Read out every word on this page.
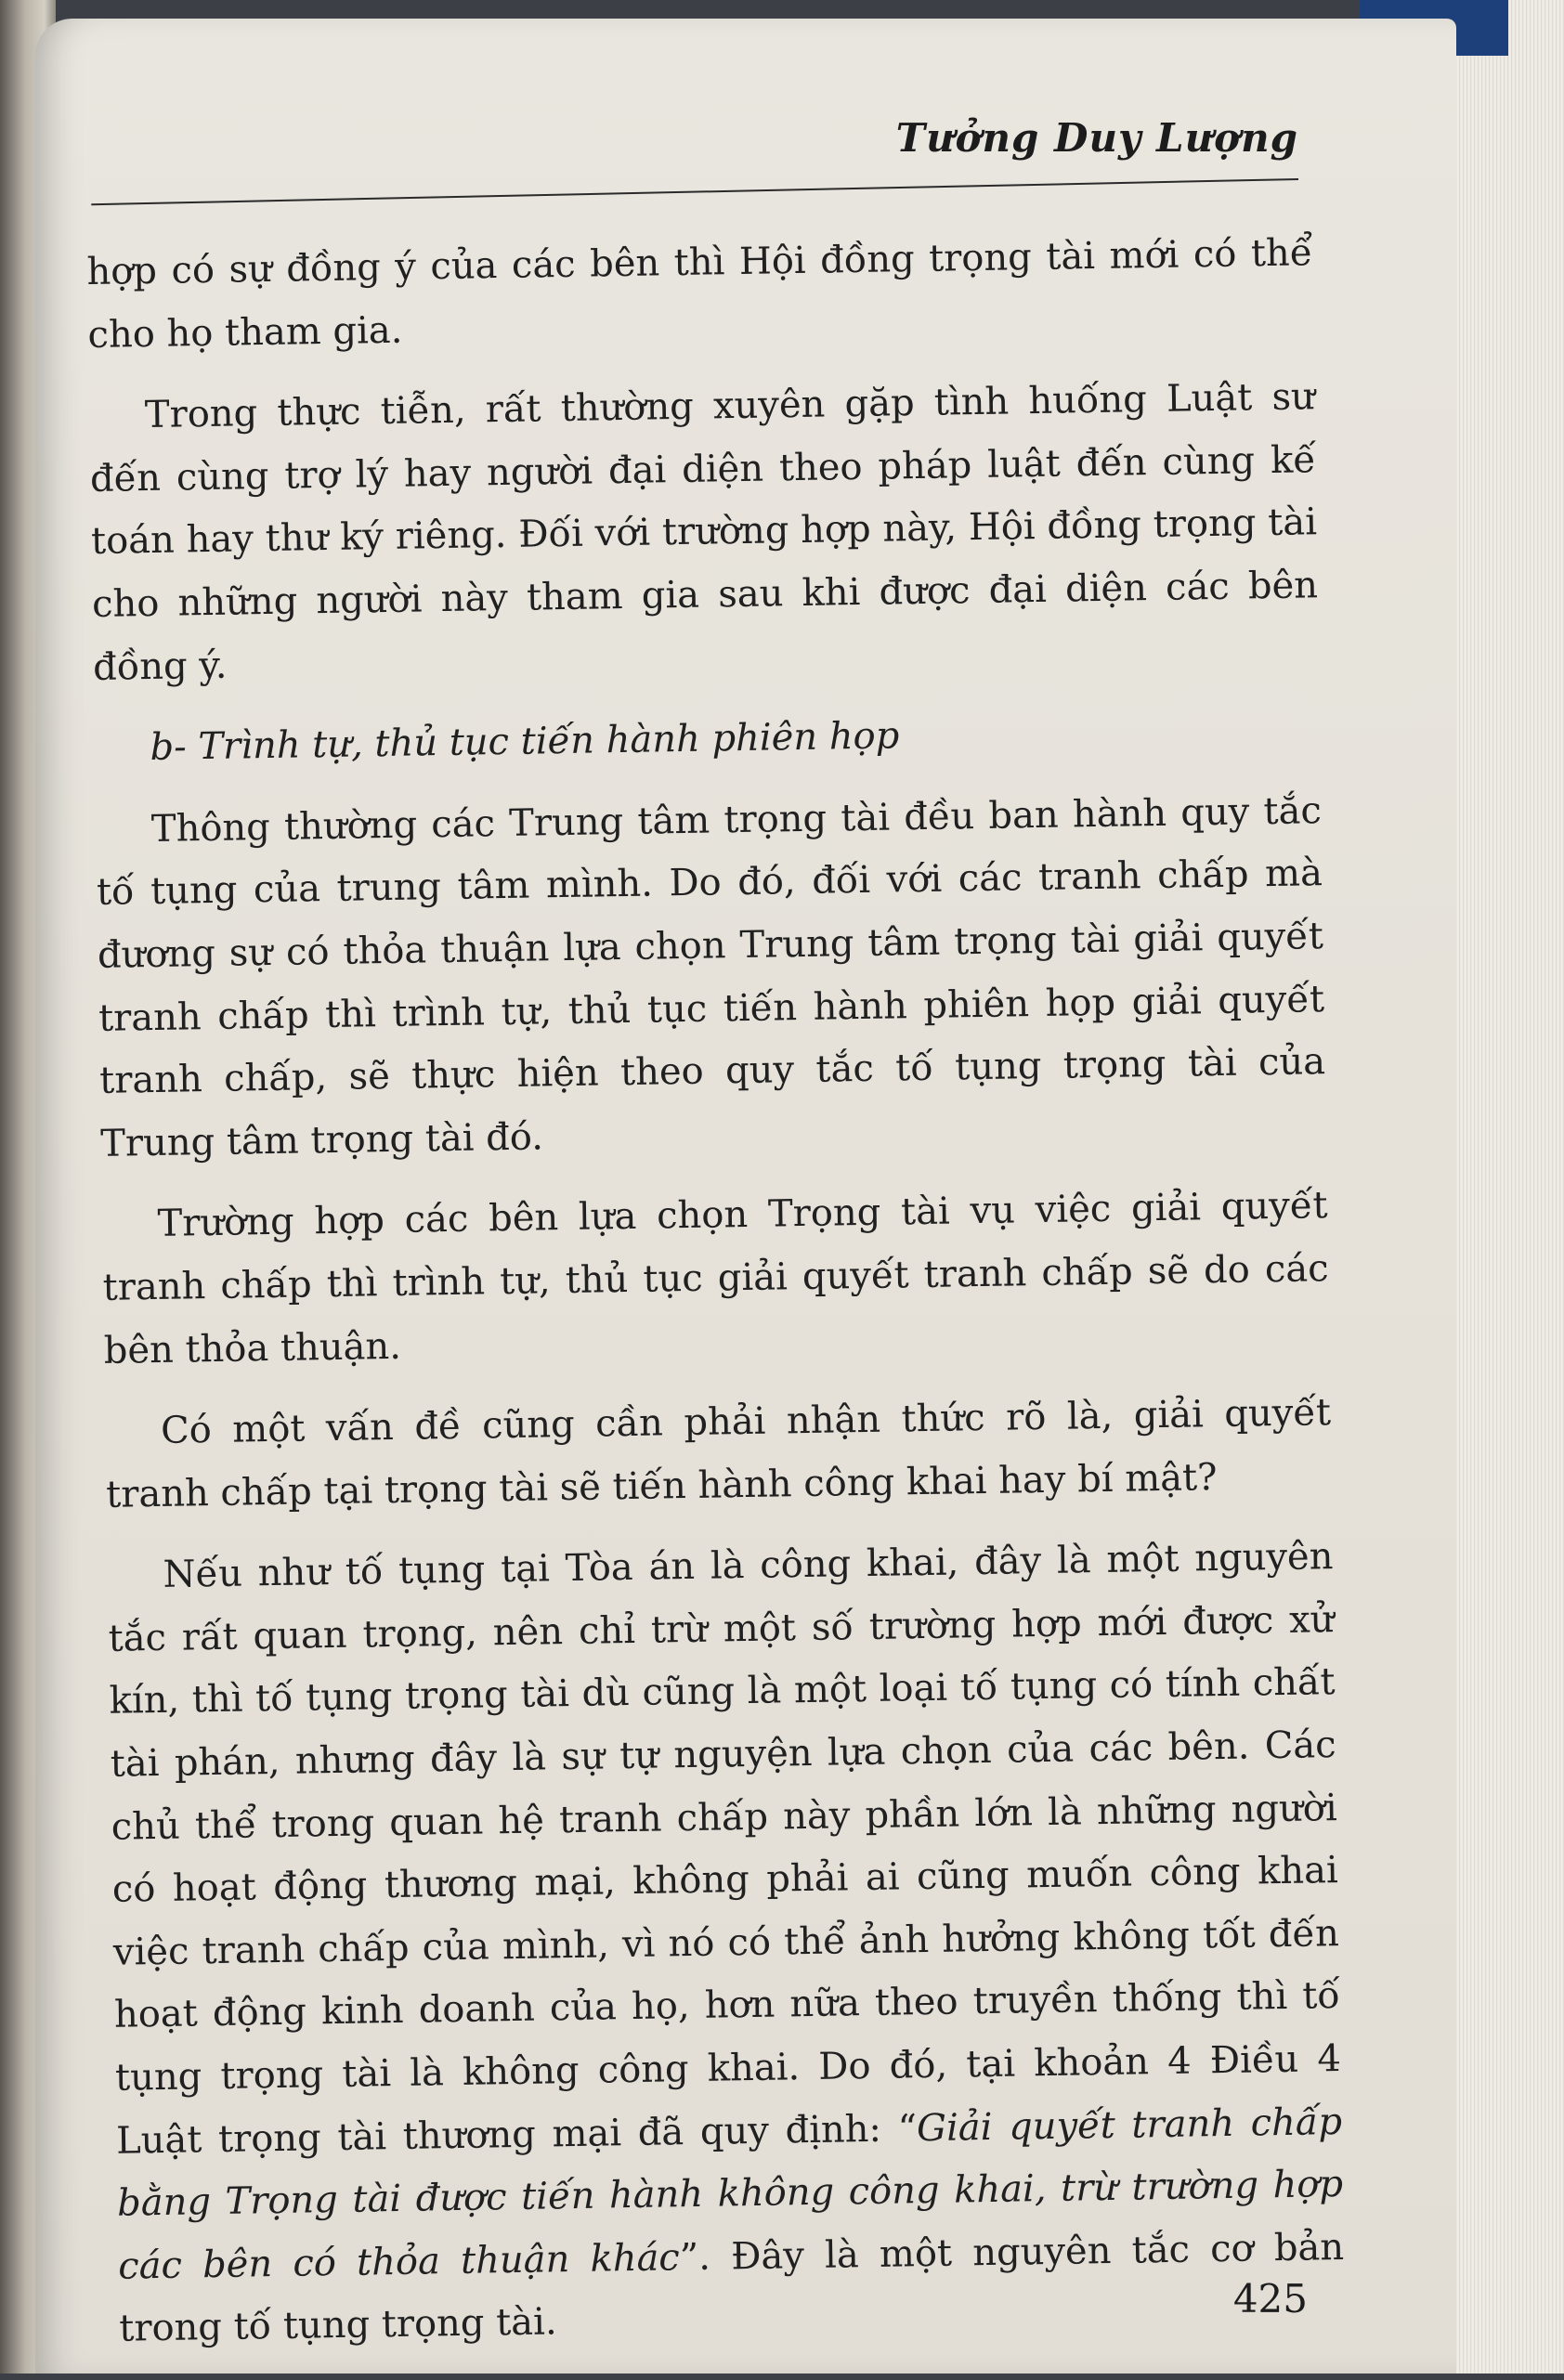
Tưởng Duy Lượng

hợp có sự đồng ý của các bên thì Hội đồng trọng tài mới có thể cho họ tham gia.

Trong thực tiễn, rất thường xuyên gặp tình huống Luật sư đến cùng trợ lý hay người đại diện theo pháp luật đến cùng kế toán hay thư ký riêng. Đối với trường hợp này, Hội đồng trọng tài cho những người này tham gia sau khi được đại diện các bên đồng ý.

b- Trình tự, thủ tục tiến hành phiên họp

Thông thường các Trung tâm trọng tài đều ban hành quy tắc tố tụng của trung tâm mình. Do đó, đối với các tranh chấp mà đương sự có thỏa thuận lựa chọn Trung tâm trọng tài giải quyết tranh chấp thì trình tự, thủ tục tiến hành phiên họp giải quyết tranh chấp, sẽ thực hiện theo quy tắc tố tụng trọng tài của Trung tâm trọng tài đó.

Trường hợp các bên lựa chọn Trọng tài vụ việc giải quyết tranh chấp thì trình tự, thủ tục giải quyết tranh chấp sẽ do các bên thỏa thuận.

Có một vấn đề cũng cần phải nhận thức rõ là, giải quyết tranh chấp tại trọng tài sẽ tiến hành công khai hay bí mật?

Nếu như tố tụng tại Tòa án là công khai, đây là một nguyên tắc rất quan trọng, nên chỉ trừ một số trường hợp mới được xử kín, thì tố tụng trọng tài dù cũng là một loại tố tụng có tính chất tài phán, nhưng đây là sự tự nguyện lựa chọn của các bên. Các chủ thể trong quan hệ tranh chấp này phần lớn là những người có hoạt động thương mại, không phải ai cũng muốn công khai việc tranh chấp của mình, vì nó có thể ảnh hưởng không tốt đến hoạt động kinh doanh của họ, hơn nữa theo truyền thống thì tố tụng trọng tài là không công khai. Do đó, tại khoản 4 Điều 4 Luật trọng tài thương mại đã quy định: “Giải quyết tranh chấp bằng Trọng tài được tiến hành không công khai, trừ trường hợp các bên có thỏa thuận khác”. Đây là một nguyên tắc cơ bản trong tố tụng trọng tài.

425
